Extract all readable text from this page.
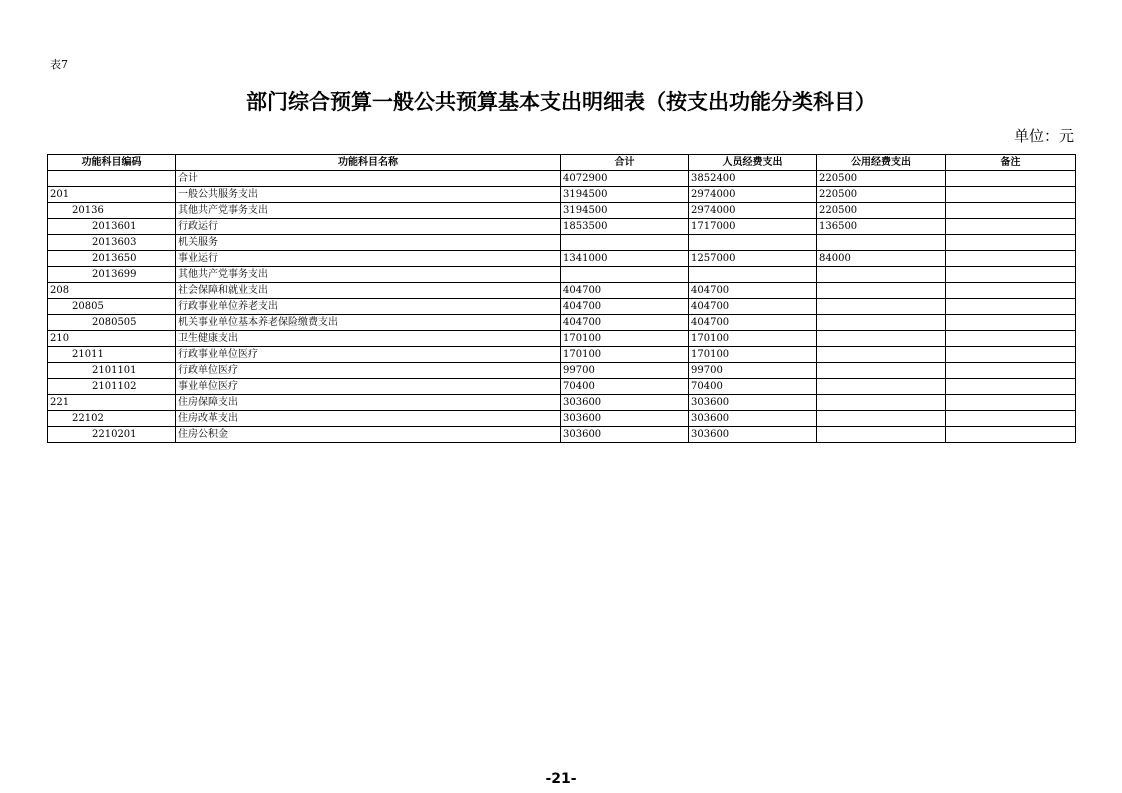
表7
部门综合预算一般公共预算基本支出明细表（按支出功能分类科目）
单位：元
功能科目编码	功能科目名称	合计	人员经费支出	公用经费支出	备注
	合计	4072900	3852400	220500	
201	一般公共服务支出	3194500	2974000	220500	
20136	其他共产党事务支出	3194500	2974000	220500	
2013601	行政运行	1853500	1717000	136500	
2013603	机关服务				
2013650	事业运行	1341000	1257000	84000	
2013699	其他共产党事务支出				
208	社会保障和就业支出	404700	404700		
20805	行政事业单位养老支出	404700	404700		
2080505	机关事业单位基本养老保险缴费支出	404700	404700		
210	卫生健康支出	170100	170100		
21011	行政事业单位医疗	170100	170100		
2101101	行政单位医疗	99700	99700		
2101102	事业单位医疗	70400	70400		
221	住房保障支出	303600	303600		
22102	住房改革支出	303600	303600		
2210201	住房公积金	303600	303600		
-21-
